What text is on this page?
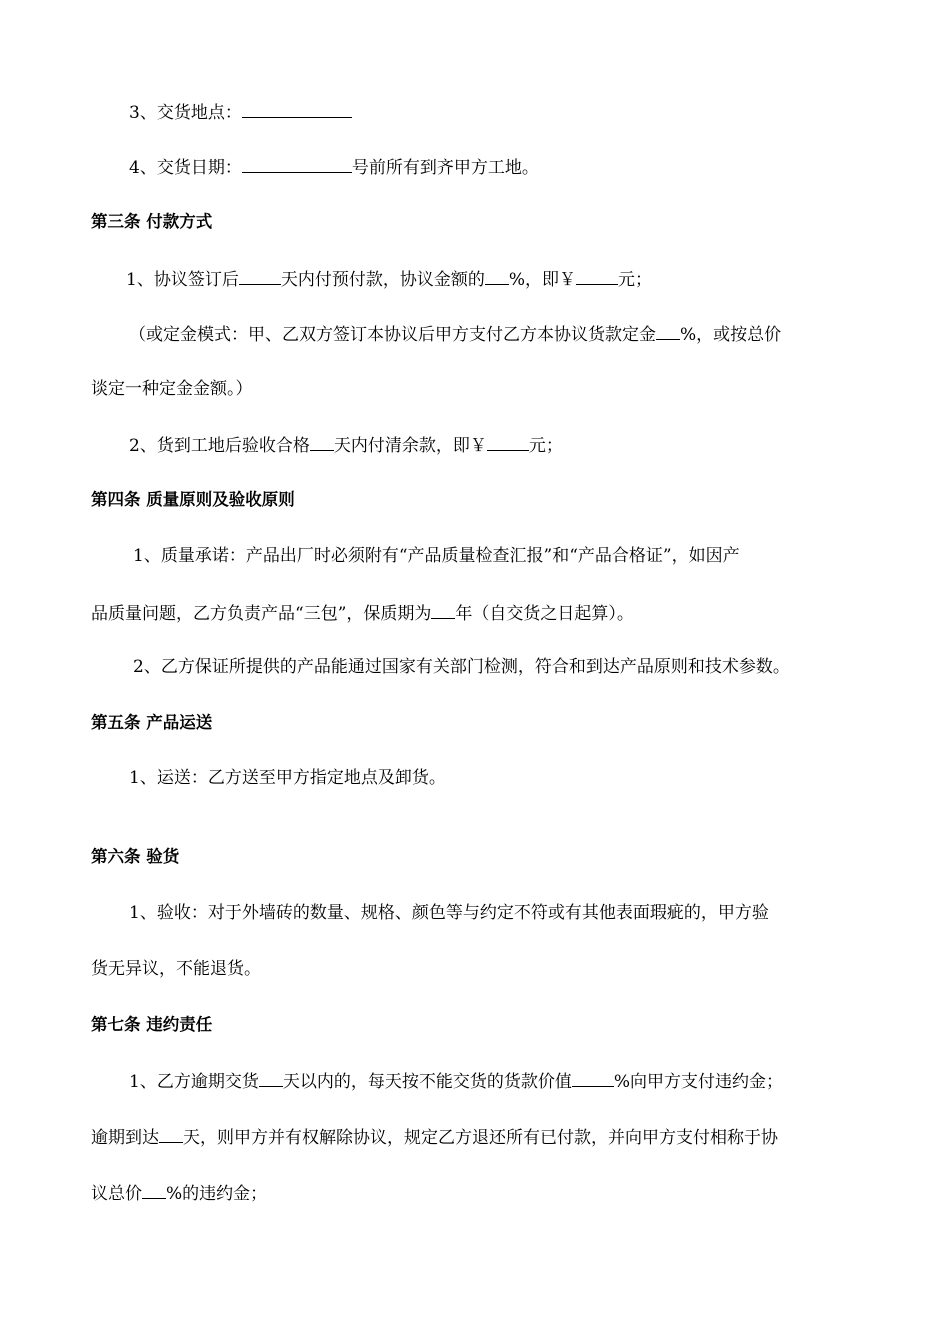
3、交货地点：
4、交货日期：	号前所有到齐甲方工地。
第三条 付款方式
1、协议签订后 天内付预付款，协议金额的 %，即￥ 元；
（或定金模式：甲、乙双方签订本协议后甲方支付乙方本协议货款定金 %，或按总价
谈定一种定金金额。）
2、货到工地后验收合格 天内付清余款，即￥ 元；
第四条 质量原则及验收原则
1、质量承诺：产品出厂时必须附有“产品质量检查汇报”和“产品合格证”，如因产
品质量问题，乙方负责产品“三包”，保质期为 年（自交货之日起算）。
2、乙方保证所提供的产品能通过国家有关部门检测，符合和到达产品原则和技术参数。
第五条 产品运送
1、运送：乙方送至甲方指定地点及卸货。
第六条 验货
1、验收：对于外墙砖的数量、规格、颜色等与约定不符或有其他表面瑕疵的，甲方验
货无异议，不能退货。
第七条 违约责任
1、乙方逾期交货 天以内的，每天按不能交货的货款价值 %向甲方支付违约金；
逾期到达 天，则甲方并有权解除协议，规定乙方退还所有已付款，并向甲方支付相称于协
议总价 %的违约金；
